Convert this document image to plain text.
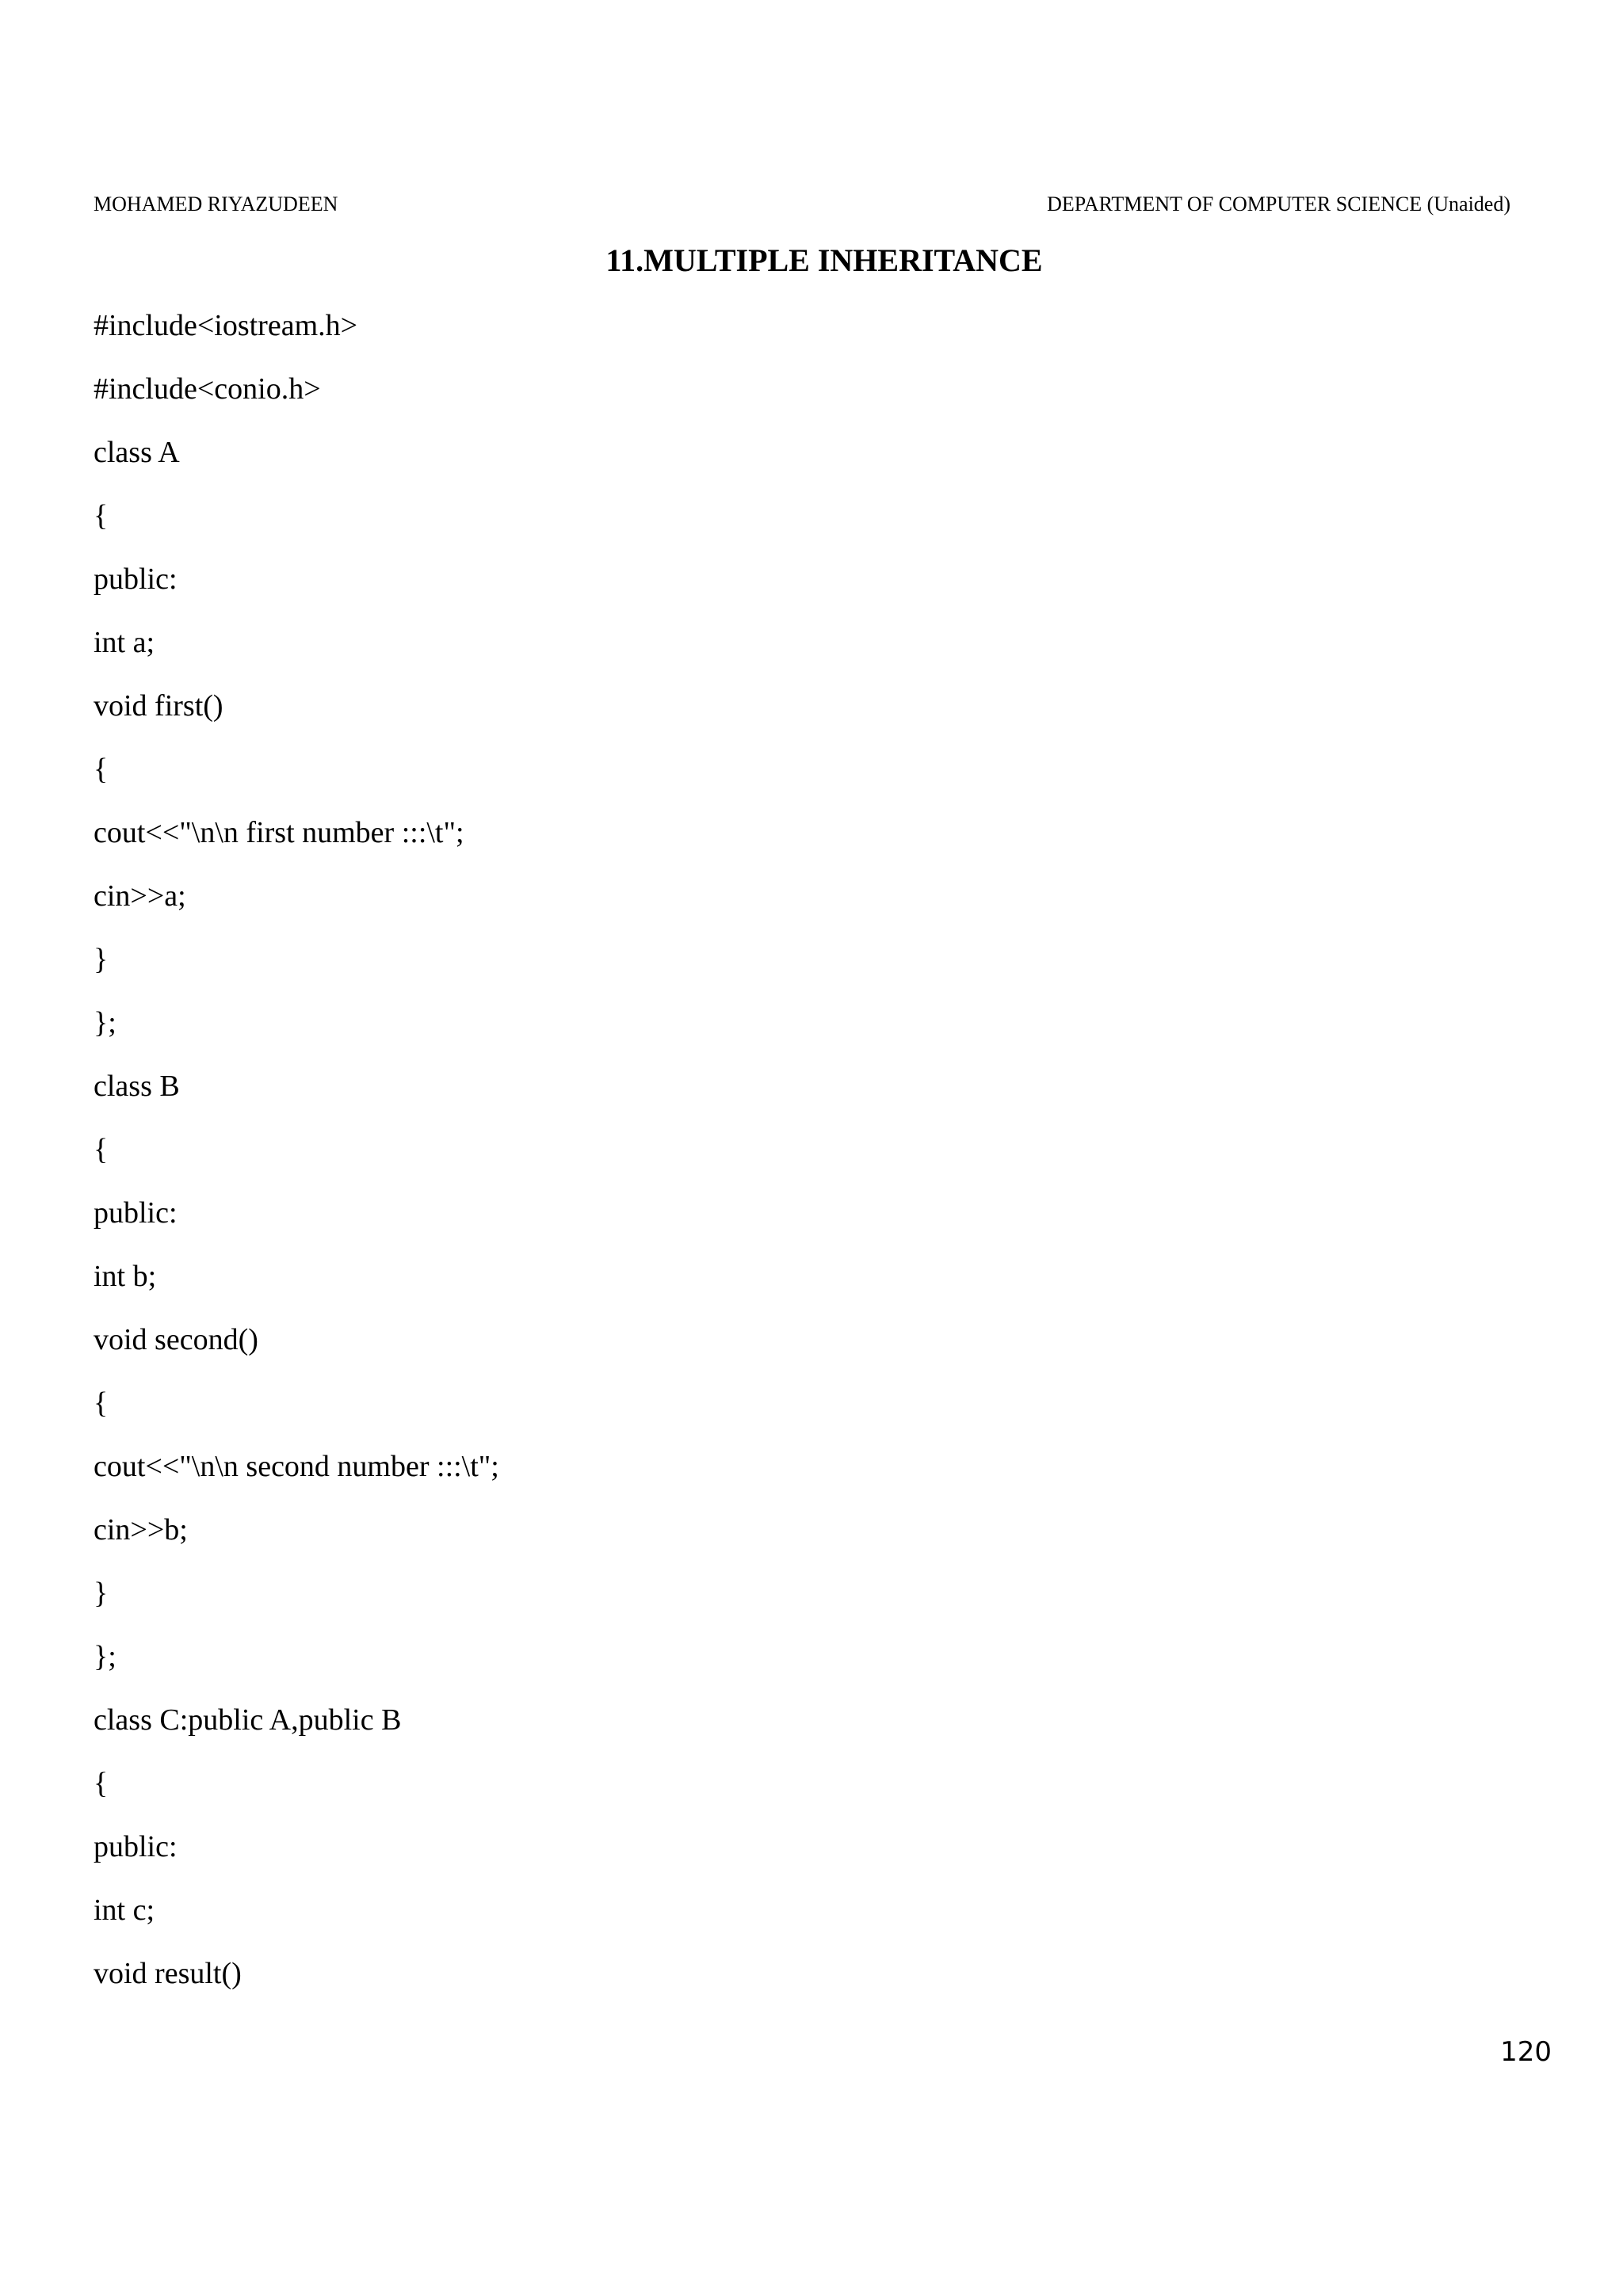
MOHAMED RIYAZUDEEN	DEPARTMENT OF COMPUTER SCIENCE (Unaided)
11.MULTIPLE INHERITANCE
#include<iostream.h>
#include<conio.h>
class A
{
public:
int a;
void first()
{
cout<<"\n\n first number :::\t";
cin>>a;
}
};
class B
{
public:
int b;
void second()
{
cout<<"\n\n second number :::\t";
cin>>b;
}
};
class C:public A,public B
{
public:
int c;
void result()
120
